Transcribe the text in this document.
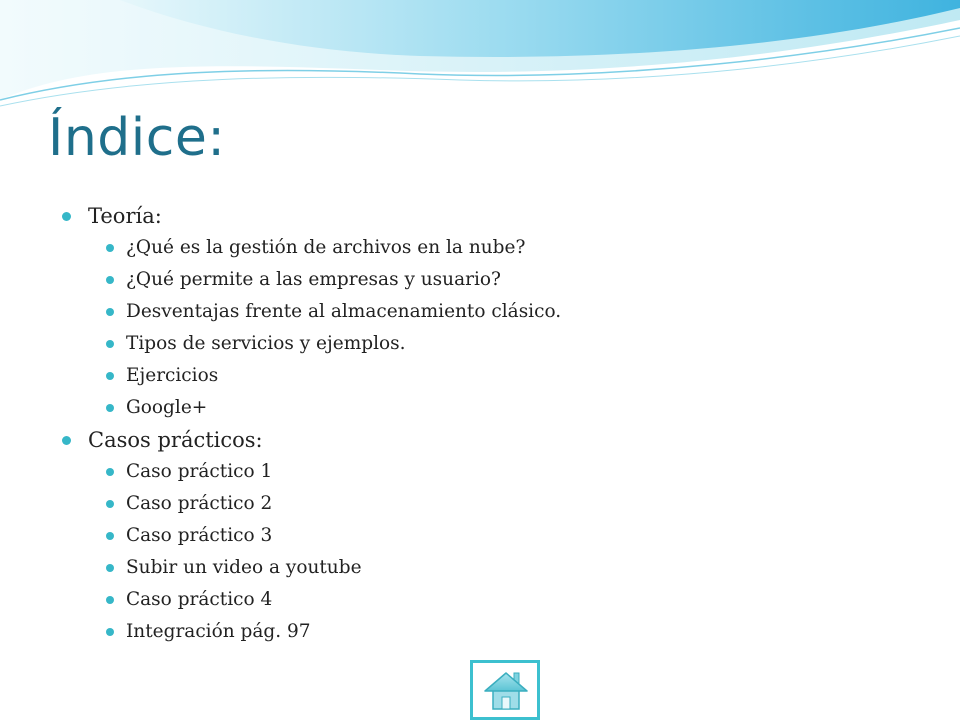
Índice:
Teoría:
¿Qué es la gestión de archivos en la nube?
¿Qué permite a las empresas y usuario?
Desventajas frente al almacenamiento clásico.
Tipos de servicios y ejemplos.
Ejercicios
Google+
Casos prácticos:
Caso práctico 1
Caso práctico 2
Caso práctico 3
Subir un video a youtube
Caso práctico 4
Integración pág. 97
